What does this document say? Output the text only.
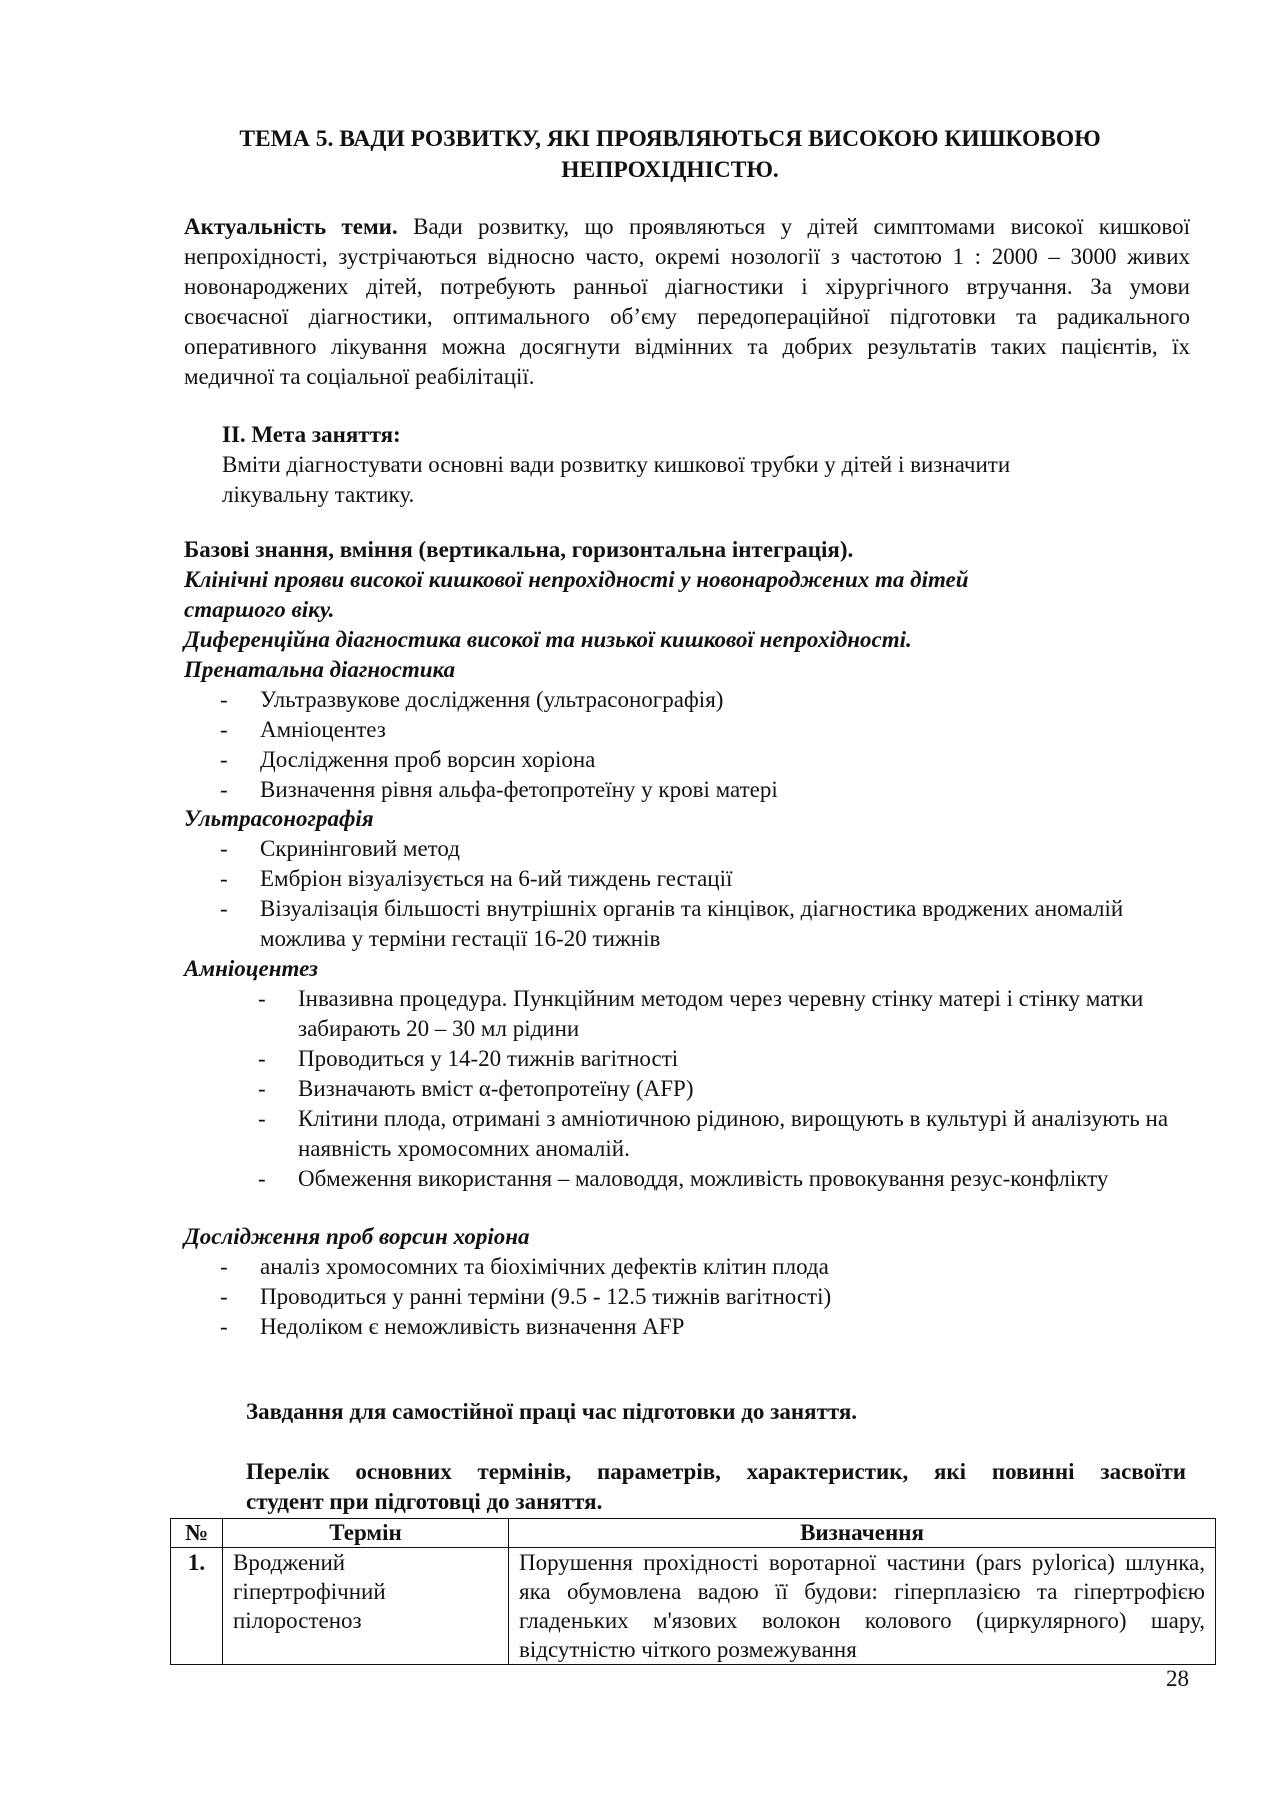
ТЕМА 5. ВАДИ РОЗВИТКУ, ЯКІ ПРОЯВЛЯЮТЬСЯ ВИСОКОЮ КИШКОВОЮ
НЕПРОХІДНІСТЮ.
Актуальність теми. Вади розвитку, що проявляються у дітей симптомами високої кишкової непрохідності, зустрічаються відносно часто, окремі нозології з частотою 1 : 2000 – 3000 живих новонароджених дітей, потребують ранньої діагностики і хірургічного втручання. За умови своєчасної діагностики, оптимального об’єму передопераційної підготовки та радикального оперативного лікування можна досягнути відмінних та добрих результатів таких пацієнтів, їх медичної та соціальної реабілітації.
II. Мета заняття:
Вміти діагностувати основні вади розвитку кишкової трубки у дітей і визначити
лікувальну тактику.
Базові знання, вміння (вертикальна, горизонтальна інтеграція).
Клінічні прояви високої кишкової непрохідності у новонароджених та дітей
старшого віку.
Диференційна діагностика високої та низької кишкової непрохідності.
Пренатальна діагностика
- Ультразвукове дослідження (ультрасонографія)
- Амніоцентез
- Дослідження проб ворсин хоріона
- Визначення рівня альфа-фетопротеїну у крові матері
Ультрасонографія
- Скринінговий метод
- Ембріон візуалізується на 6-ий тиждень гестації
- Візуалізація більшості внутрішніх органів та кінцівок, діагностика вроджених аномалій можлива у терміни гестації 16-20 тижнів
Амніоцентез
- Інвазивна процедура. Пункційним методом через черевну стінку матері і стінку матки забирають 20 – 30 мл рідини
- Проводиться у 14-20 тижнів вагітності
- Визначають вміст α-фетопротеїну (AFP)
- Клітини плода, отримані з амніотичною рідиною, вирощують в культурі й аналізують на наявність хромосомних аномалій.
- Обмеження використання – маловоддя, можливість провокування резус-конфлікту
Дослідження проб ворсин хоріона
- аналіз хромосомних та біохімічних дефектів клітин плода
- Проводиться у ранні терміни (9.5 - 12.5 тижнів вагітності)
- Недоліком є неможливість визначення AFP
Завдання для самостійної праці час підготовки до заняття.
Перелік основних термінів, параметрів, характеристик, які повинні засвоїти
студент при підготовці до заняття.
№	Термін	Визначення
1.	Вроджений гіпертрофічний пілоростеноз	Порушення прохідності воротарної частини (pars pylorica) шлунка, яка обумовлена вадою її будови: гіперплазією та гіпертрофією гладеньких м'язових волокон колового (циркулярного) шару, відсутністю чіткого розмежування
28
